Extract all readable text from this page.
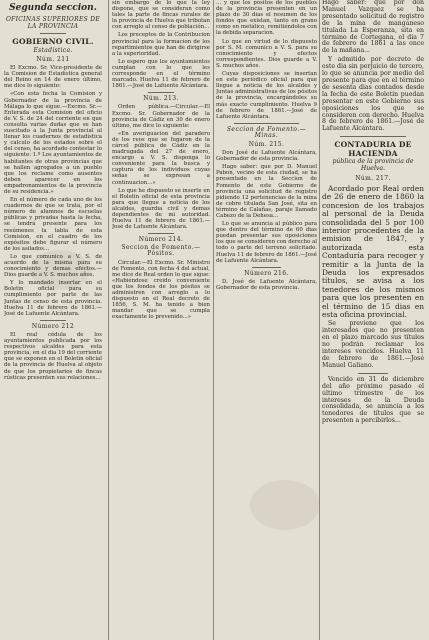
Segunda seccion.
OFICINAS SUPERIORES DE LA PROVINCIA
GOBIERNO CIVIL.
Estadística.
Núm. 211

El Excmo. Sr. Vice-presidente de la Comision de Estadística general del Reino en 14 de enero último, me dice lo siguiente:

«Con esta fecha la Comision y Gobernador de la provincia de Málaga lo que sigue.—Excmo. Sr.—Enterada esta Comision del oficio de V. S. de 24 del corriente en que consulta varias dudas que se han suscitado a la Junta provincial al llenar los cuadernos de estadística y calculo de los estados sobre el del censo, ha acordado contestar lo siguiente: 1.º Los ayuntamientos de habitantes de otras provincias que se hallen agregados a un pueblo que los reclame como ausentes deben aparecer en los empadronamientos de la provincia de su residencia.»

En el número de cada uno de los cuadernos de que se trata, por el número de alumnos de escuelas públicas y privadas hasta la fecha, se tendrá presente para los resúmenes la tabla de esta Comision, en el cuadro de los expósitos debe figurar el número de los asilados...

Lo que comunico a V. S. de acuerdo de la misma para su conocimiento y demas efectos.—Dios guarde a V. S. muchos años.

Y lo mandado insertar en el Boletin oficial para su cumplimiento por parte de las Juntas de censo de esta provincia. Huelva 11 de febrero de 1861.—José de Lafuente Alcántara.

Número 212

El real cédula de los ayuntamientos publicada por los respectivos alcaldes para esta provincia, en el dia 19 del corriente que se exponen en el Boletin oficial de la provincia de Huelva al objeto de que los propietarios de fincas rústicas presenten sus relaciones...

sin embargo de lo que la ley dispone, que se consideran como tales la parte de fincas rurales de la provincia de Huelva que tributan con arreglo al censo de población...

Los preceptos de la Contribucion provincial para la formacion de los repartimientos que han de dirigirse a la superioridad.

Lo espero que los ayuntamientos cumplan con lo que les corresponde en el término marcado. Huelva 11 de febrero de 1861.—José de Lafuente Alcántara.

Núm. 213.

Orden pública.—Circular.—El Excmo. Sr. Gobernador de la provincia de Cádiz en 30 de enero último, me dice lo siguiente:

«En averiguacion del paradero de los reos que se fugaron de la cárcel pública de Cádiz en la madrugada del 27 de enero, encargo a V. S. disponga lo conveniente para la busca y captura de los individuos cuyas señas se expresan a continuacion...»

Lo que he dispuesto se inserte en el Boletin oficial de esta provincia para que llegue a noticia de los alcaldes, guardia civil y demas dependientes de mi autoridad. Huelva 11 de febrero de 1861.—José de Lafuente Alcántara.

Número 214.
Seccion de Fomento.—Pósitos.

Circular.—El Excmo. Sr. Ministro de Fomento, con fecha 4 del actual, me dice de Real orden lo que sigue: «Habiéndose creido conveniente que los fondos de los pósitos se administren con arreglo a lo dispuesto en el Real decreto de 1856, S. M. ha tenido a bien mandar que se cumpla exactamente lo prevenido...»

... y que los pósitos de los pueblos de la provincia presenten en un plazo de 30 dias el resumen de los fondos que existan, tanto en grano como en metálico, remitiéndolos con la debida separacion.

Lo que en virtud de lo dispuesto por S. M. comunico a V. S. para su conocimiento y efectos correspondientes. Dios guarde a V. S. muchos años.

Cuyas disposiciones se insertan en este periódico oficial para que llegue a noticia de los alcaldes y Juntas administrativas de los pósitos de la provincia, encargándoles su más exacto cumplimiento. Huelva 9 de febrero de 1861.—José de Lafuente Alcántara.

Seccion de Fomento.—Minas.
Núm. 215.

Don José de Lafuente Alcántara, Gobernador de esta provincia.

Hago saber: que por D. Manuel Pabon, vecino de esta ciudad, se ha presentado en la Seccion de Fomento de este Gobierno de provincia una solicitud de registro pidiendo 12 pertenencias de la mina de cobre titulada San José, sita en término de Calañas, paraje llamado Cabezo de la Dehesa...

Lo que se anuncia al público para que dentro del término de 60 dias puedan presentar sus oposiciones los que se consideren con derecho al todo o parte del terreno solicitado. Huelva 11 de febrero de 1861.—José de Lafuente Alcántara.

Número 216.

D. José de Lafuente Alcántara, Gobernador de esta provincia.

Hago saber: que por don Manuel Vazquez se ha presentado solicitud de registro de la mina de manganeso titulada La Esperanza, sita en término de Cortegana, el dia 7 de febrero de 1861 a las once de la mañana...

Y admitido por decreto de este dia sin perjuicio de tercero, lo que se anuncia por medio del presente para que en el término de sesenta dias contados desde la fecha de este Boletin puedan presentar en este Gobierno sus oposiciones los que se consideren con derecho. Huelva 8 de febrero de 1861.—José de Lafuente Alcántara.

CONTADURIA DE HACIENDA
pública de la provincia de Huelva.
Núm. 217.

Acordado por Real orden de 26 de enero de 1860 la concesion de los trabajos al personal de la Deuda consolidada del 5 por 100 interior procedentes de la emision de 1847, y autorizada esta Contaduría para recoger y remitir a la Junta de la Deuda los expresados títulos, se avisa a los tenedores de los mismos para que los presenten en el término de 15 dias en esta oficina provincial.

Se previene que los interesados que no presenten en el plazo marcado sus títulos no podrán reclamar los intereses vencidos. Huelva 11 de febrero de 1861.—José Manuel Galiano.

Vencido en 31 de diciembre del año próximo pasado el último trimestre de los intereses de la Deuda consolidada, se anuncia a los tenedores de títulos que se presenten a percibirlos...
